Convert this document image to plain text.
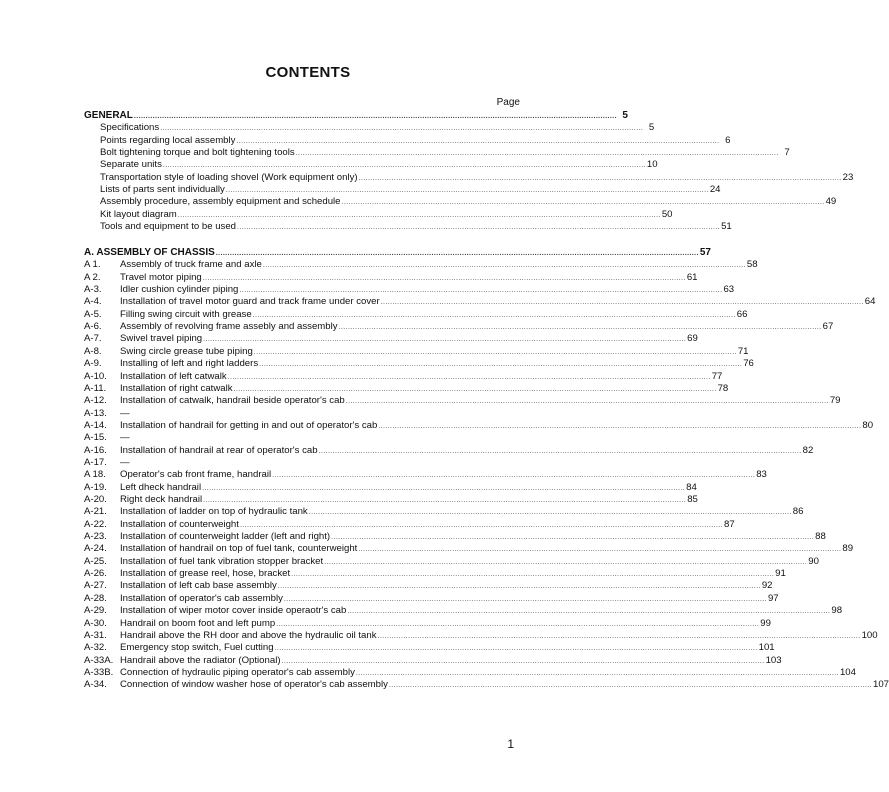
CONTENTS
Page
GENERAL .....	5
Specifications .....	5
Points regarding local assembly .....	6
Bolt tightening torque and bolt tightening tools .....	7
Separate units .....	10
Transportation style of loading shovel (Work equipment only) .....	23
Lists of parts sent individually .....	24
Assembly procedure, assembly equipment and schedule .....	49
Kit layout diagram .....	50
Tools and equipment to be used .....	51
A. ASSEMBLY OF CHASSIS .....	57
A 1.	Assembly of truck frame and axle .....	58
A 2.	Travel motor piping .....	61
A-3.	Idler cushion cylinder piping .....	63
A-4.	Installation of travel motor guard and track frame under cover .....	64
A-5.	Filling swing circuit with grease .....	66
A-6.	Assembly of revolving frame assebly and assembly .....	67
A-7.	Swivel travel piping .....	69
A-8.	Swing circle grease tube piping .....	71
A-9.	Installing of left and right ladders .....	76
A-10.	Installation of left catwalk .....	77
A-11.	Installation of right catwalk .....	78
A-12.	Installation of catwalk, handrail beside operator's cab .....	79
A-13.	—
A-14.	Installation of handrail for getting in and out of operator's cab .....	80
A-15.	—
A-16.	Installation of handrail at rear of operator's cab .....	82
A-17.	—
A 18.	Operator's cab front frame, handrail .....	83
A-19.	Left dheck handrail .....	84
A-20.	Right deck handrail .....	85
A-21.	Installation of ladder on top of hydraulic tank .....	86
A-22.	Installation of counterweight .....	87
A-23.	Installation of counterweight ladder (left and right) .....	88
A-24.	Installation of handrail on top of fuel tank, counterweight .....	89
A-25.	Installation of fuel tank vibration stopper bracket .....	90
A-26.	Installation of grease reel, hose, bracket .....	91
A-27.	Installation of left cab base assembly .....	92
A-28.	Installation of operator's cab assembly .....	97
A-29.	Installation of wiper motor cover inside operaotr's cab .....	98
A-30.	Handrail on boom foot and left pump .....	99
A-31.	Handrail above the RH door and above the hydraulic oil tank .....	100
A-32.	Emergency stop switch, Fuel cutting .....	101
A-33A. Handrail above the radiator (Optional) .....	103
A-33B. Connection of hydraulic piping operator's cab assembly .....	104
A-34.	Connection of window washer hose of operator's cab assembly .....	107
1
